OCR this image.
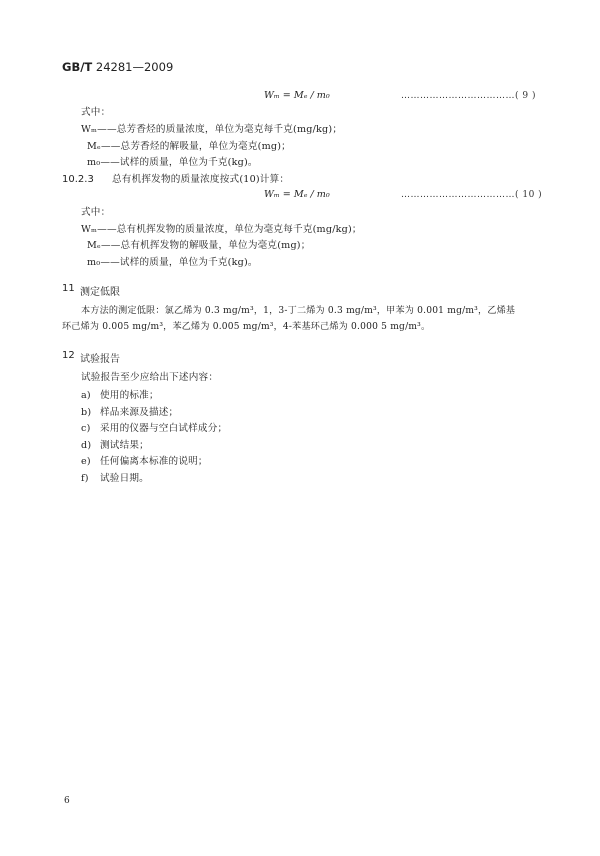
GB/T 24281—2009
Wₘ = Mₑ / m₀	………………………………( 9 )
式中：
Wₘ——总芳香烃的质量浓度，单位为毫克每千克(mg/kg)；
Mₑ——总芳香烃的解吸量，单位为毫克(mg)；
m₀——试样的质量，单位为千克(kg)。
10.2.3 总有机挥发物的质量浓度按式(10)计算：
Wₘ = Mₑ / m₀	………………………………( 10 )
式中：
Wₘ——总有机挥发物的质量浓度，单位为毫克每千克(mg/kg)；
Mₑ——总有机挥发物的解吸量，单位为毫克(mg)；
m₀——试样的质量，单位为千克(kg)。
11 测定低限
本方法的测定低限：氯乙烯为 0.3 mg/m³，1，3-丁二烯为 0.3 mg/m³，甲苯为 0.001 mg/m³，乙烯基
环己烯为 0.005 mg/m³，苯乙烯为 0.005 mg/m³，4-苯基环己烯为 0.000 5 mg/m³。
12 试验报告
试验报告至少应给出下述内容：
a) 使用的标准；
b) 样品来源及描述；
c) 采用的仪器与空白试样成分；
d) 测试结果；
e) 任何偏离本标准的说明；
f) 试验日期。
6
